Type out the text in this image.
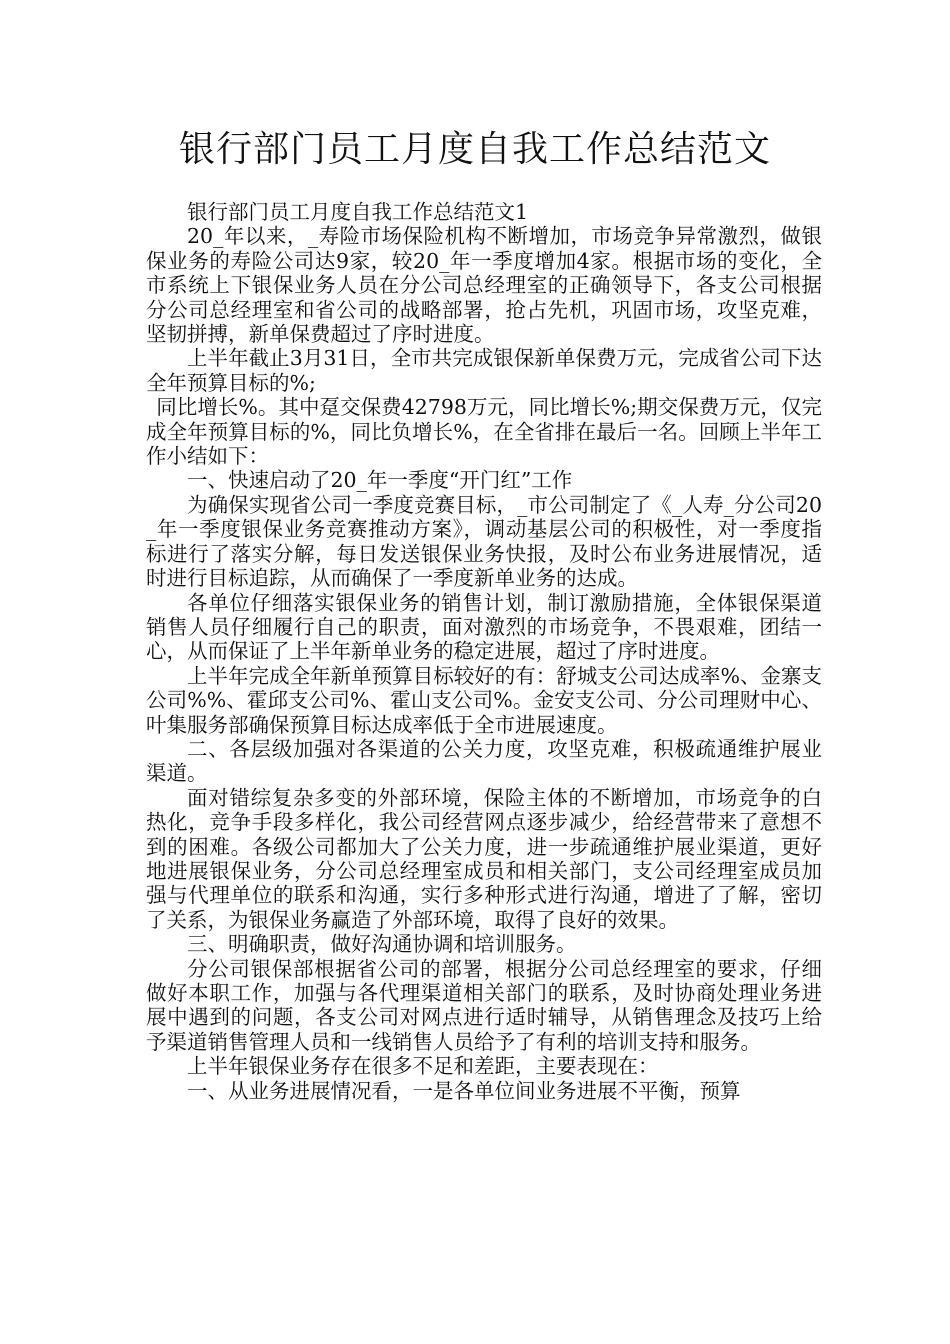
银行部门员工月度自我工作总结范文

银行部门员工月度自我工作总结范文1

20_年以来，_寿险市场保险机构不断增加，市场竞争异常激烈，做银保业务的寿险公司达9家，较20_年一季度增加4家。根据市场的变化，全市系统上下银保业务人员在分公司总经理室的正确领导下，各支公司根据分公司总经理室和省公司的战略部署，抢占先机，巩固市场，攻坚克难，坚韧拼搏，新单保费超过了序时进度。

上半年截止3月31日，全市共完成银保新单保费万元，完成省公司下达全年预算目标的%;

同比增长%。其中趸交保费42798万元，同比增长%;期交保费万元，仅完成全年预算目标的%，同比负增长%，在全省排在最后一名。回顾上半年工作小结如下：

一、快速启动了20_年一季度“开门红”工作

为确保实现省公司一季度竞赛目标，_市公司制定了《_人寿_分公司20_年一季度银保业务竞赛推动方案》，调动基层公司的积极性，对一季度指标进行了落实分解，每日发送银保业务快报，及时公布业务进展情况，适时进行目标追踪，从而确保了一季度新单业务的达成。

各单位仔细落实银保业务的销售计划，制订激励措施，全体银保渠道销售人员仔细履行自己的职责，面对激烈的市场竞争，不畏艰难，团结一心，从而保证了上半年新单业务的稳定进展，超过了序时进度。

上半年完成全年新单预算目标较好的有：舒城支公司达成率%、金寨支公司%%、霍邱支公司%、霍山支公司%。金安支公司、分公司理财中心、叶集服务部确保预算目标达成率低于全市进展速度。

二、各层级加强对各渠道的公关力度，攻坚克难，积极疏通维护展业渠道。

面对错综复杂多变的外部环境，保险主体的不断增加，市场竞争的白热化，竞争手段多样化，我公司经营网点逐步减少，给经营带来了意想不到的困难。各级公司都加大了公关力度，进一步疏通维护展业渠道，更好地进展银保业务，分公司总经理室成员和相关部门，支公司经理室成员加强与代理单位的联系和沟通，实行多种形式进行沟通，增进了了解，密切了关系，为银保业务赢造了外部环境，取得了良好的效果。

三、明确职责，做好沟通协调和培训服务。

分公司银保部根据省公司的部署，根据分公司总经理室的要求，仔细做好本职工作，加强与各代理渠道相关部门的联系，及时协商处理业务进展中遇到的问题，各支公司对网点进行适时辅导，从销售理念及技巧上给予渠道销售管理人员和一线销售人员给予了有利的培训支持和服务。

上半年银保业务存在很多不足和差距，主要表现在：

一、从业务进展情况看，一是各单位间业务进展不平衡，预算
